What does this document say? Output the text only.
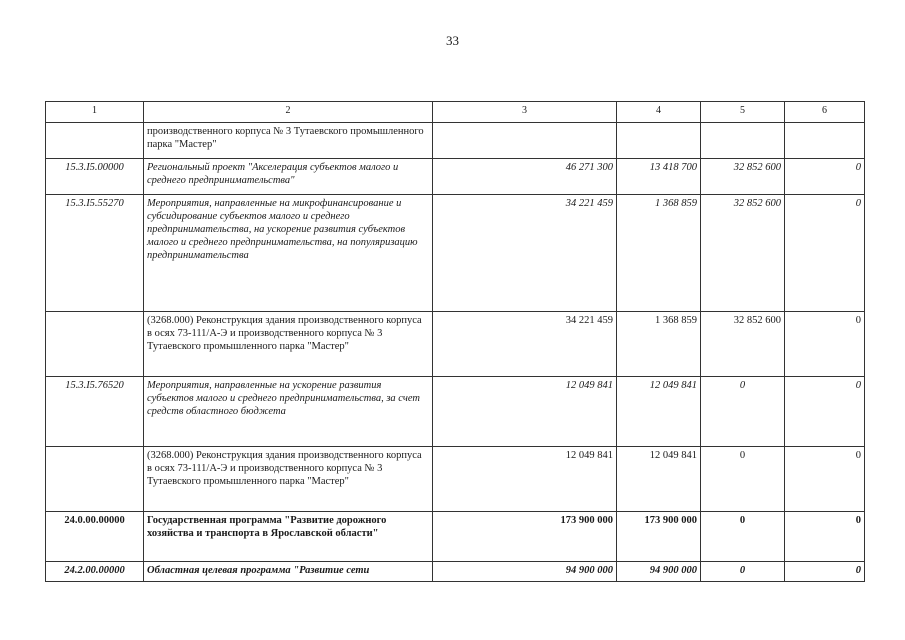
33
1	2	3	4	5	6
	производственного корпуса № 3 Тутаевского промышленного парка "Мастер"				
15.3.I5.00000	Региональный проект "Акселерация субъектов малого и среднего предпринимательства"	46 271 300	13 418 700	32 852 600	0
15.3.I5.55270	Мероприятия, направленные на микрофинансирование и субсидирование субъектов малого и среднего предпринимательства, на ускорение развития субъектов малого и среднего предпринимательства, на популяризацию предпринимательства	34 221 459	1 368 859	32 852 600	0
	(3268.000) Реконструкция здания производственного корпуса в осях 73-111/А-Э и производственного корпуса № 3 Тутаевского промышленного парка "Мастер"	34 221 459	1 368 859	32 852 600	0
15.3.I5.76520	Мероприятия, направленные на ускорение развития субъектов малого и среднего предпринимательства, за счет средств областного бюджета	12 049 841	12 049 841	0	0
	(3268.000) Реконструкция здания производственного корпуса в осях 73-111/А-Э и производственного корпуса № 3 Тутаевского промышленного парка "Мастер"	12 049 841	12 049 841	0	0
24.0.00.00000	Государственная программа "Развитие дорожного хозяйства и транспорта в Ярославской области"	173 900 000	173 900 000	0	0
24.2.00.00000	Областная целевая программа "Развитие сети	94 900 000	94 900 000	0	0
